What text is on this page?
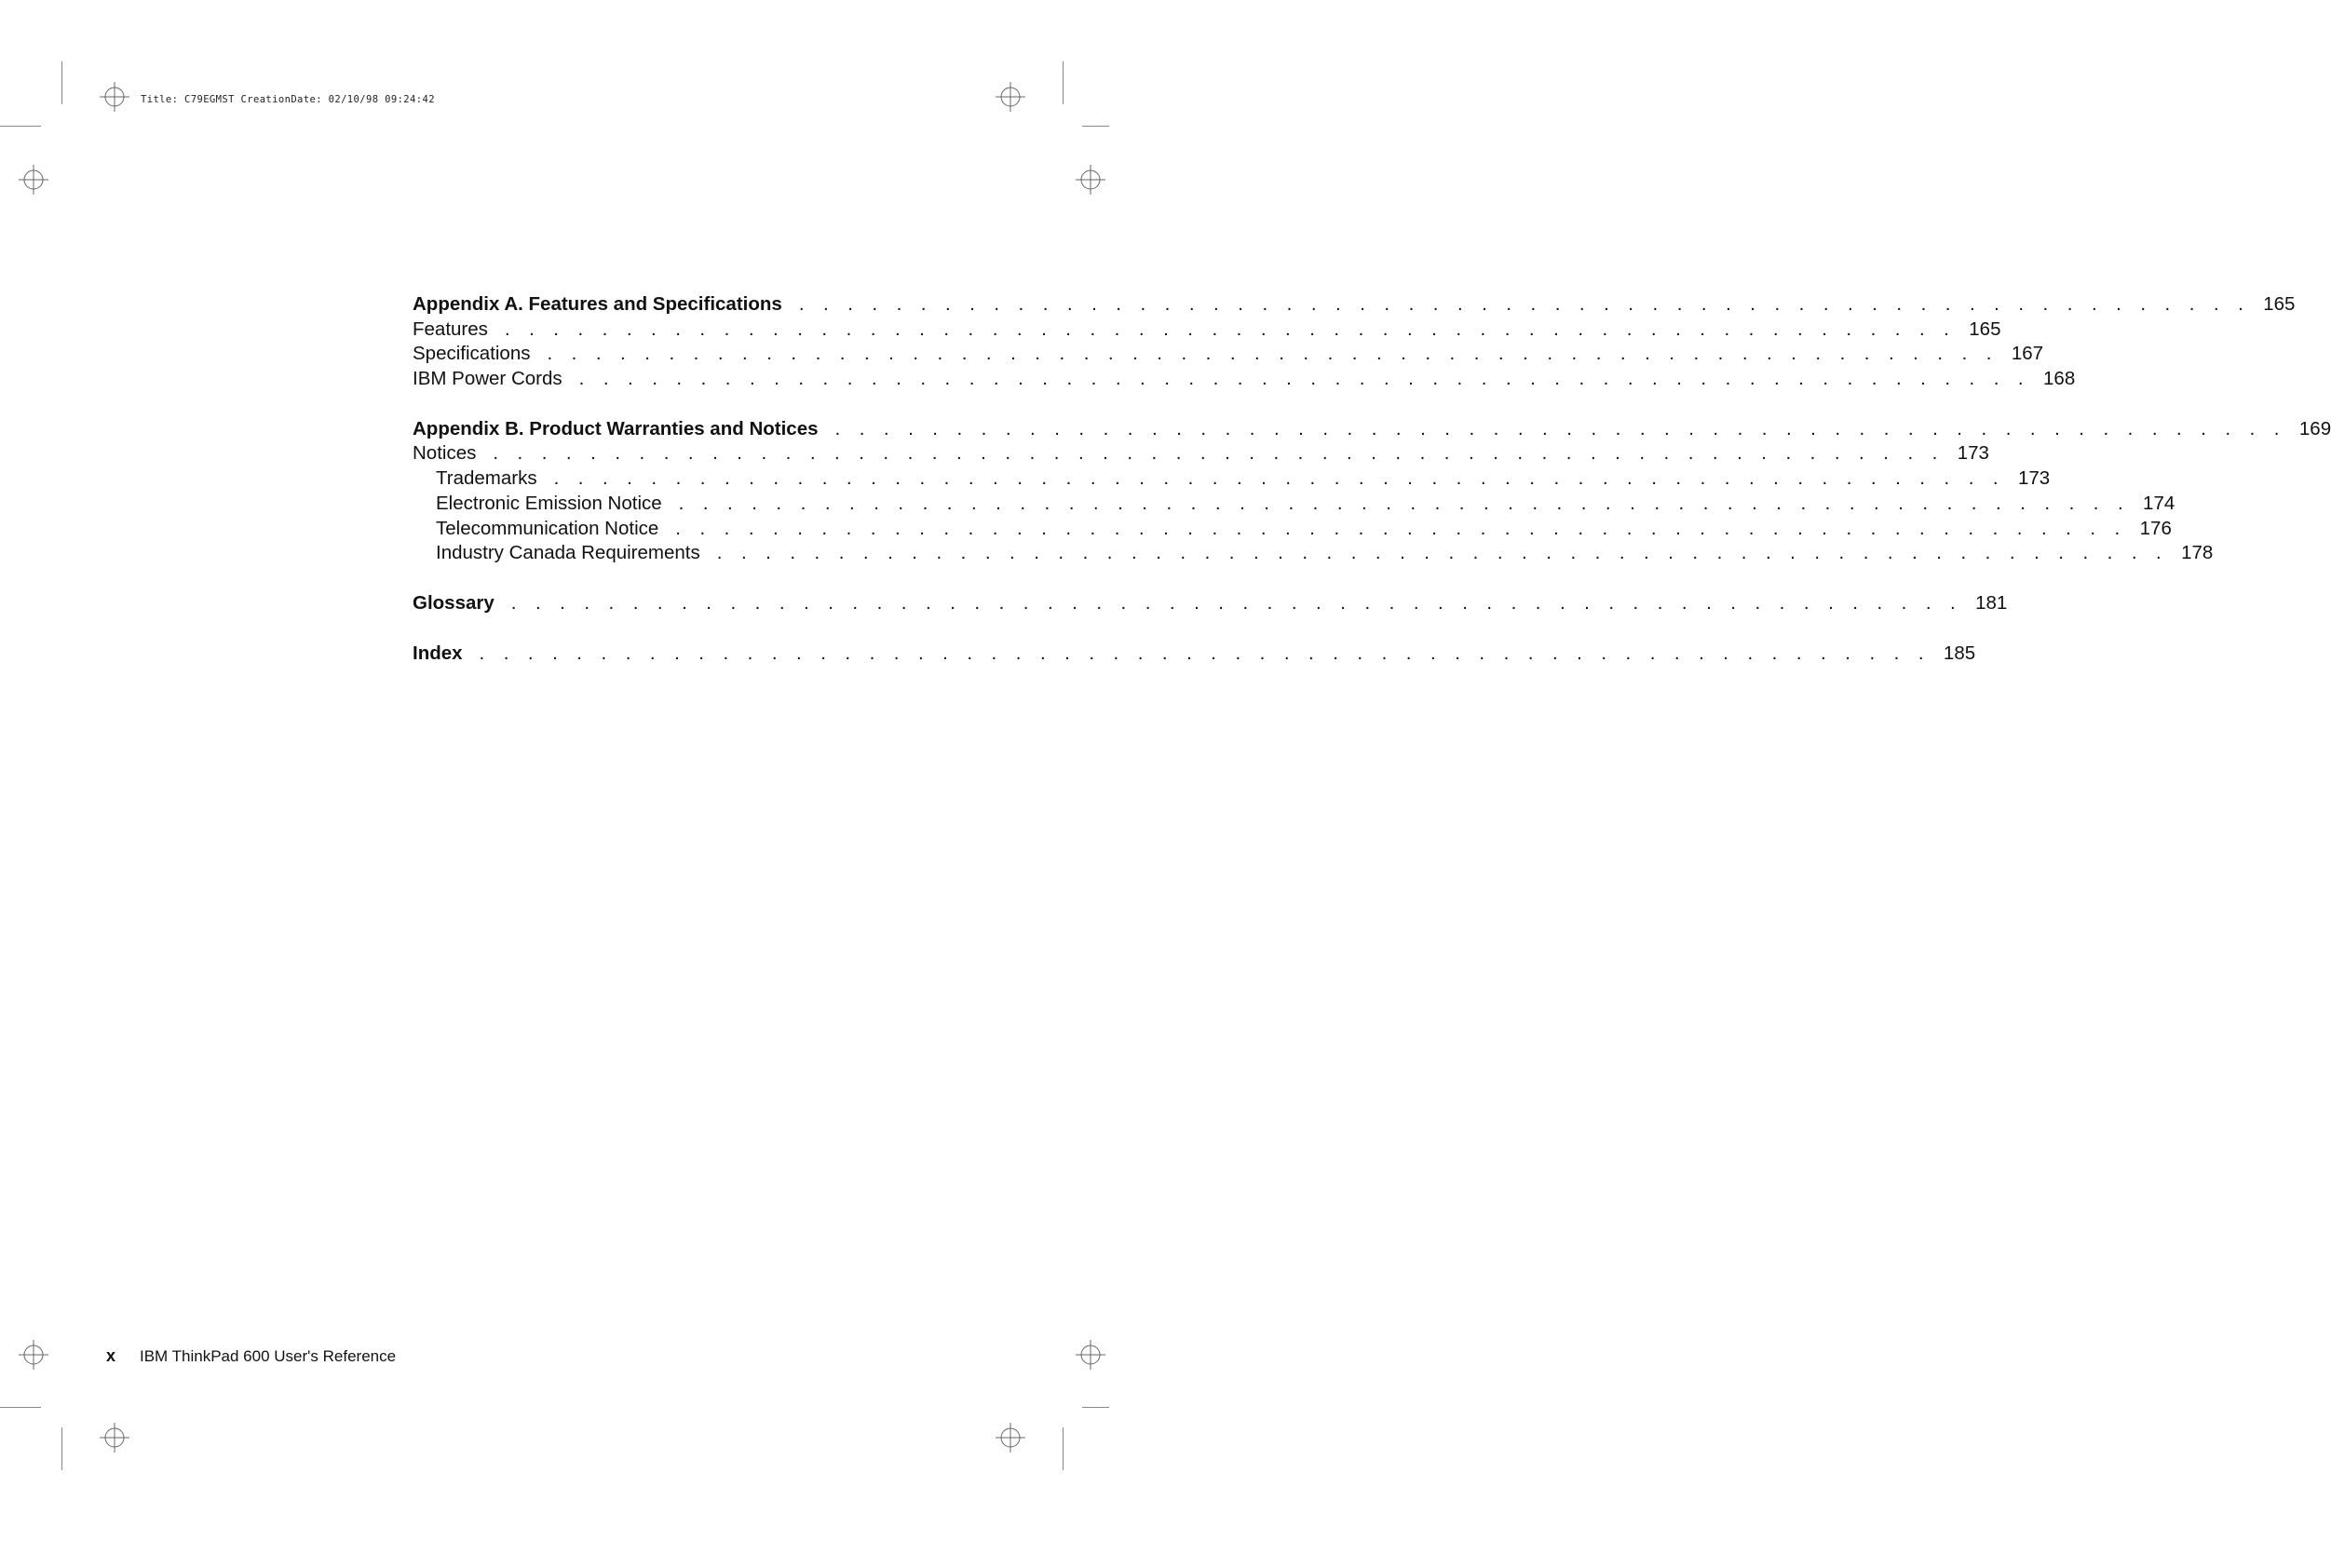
Title: C79EGMST CreationDate: 02/10/98 09:24:42
Appendix A. Features and Specifications . . . . . . . . . . . . . . . . . . . . . . . . . . . . . . . . . . . . . . . . . . . . . . . . . . . . . . . . . . . . 165
Features . . . . . . . . . . . . . . . . . . . . . . . . . . . . . . . . . . . . . . . . . . . . . . . . . . . . . . . . . . . . 165
Specifications . . . . . . . . . . . . . . . . . . . . . . . . . . . . . . . . . . . . . . . . . . . . . . . . . . . . . . . . . . . . 167
IBM Power Cords . . . . . . . . . . . . . . . . . . . . . . . . . . . . . . . . . . . . . . . . . . . . . . . . . . . . . . . . . . . . 168
Appendix B. Product Warranties and Notices . . . . . . . . . . . . . . . . . . . . . . . . . . . . . . . . . . . . . . . . . . . . . . . . . . . . . . . . . . . . 169
Notices . . . . . . . . . . . . . . . . . . . . . . . . . . . . . . . . . . . . . . . . . . . . . . . . . . . . . . . . . . . . 173
Trademarks . . . . . . . . . . . . . . . . . . . . . . . . . . . . . . . . . . . . . . . . . . . . . . . . . . . . . . . . . . . . 173
Electronic Emission Notice . . . . . . . . . . . . . . . . . . . . . . . . . . . . . . . . . . . . . . . . . . . . . . . . . . . . . . . . . . . . 174
Telecommunication Notice . . . . . . . . . . . . . . . . . . . . . . . . . . . . . . . . . . . . . . . . . . . . . . . . . . . . . . . . . . . . 176
Industry Canada Requirements . . . . . . . . . . . . . . . . . . . . . . . . . . . . . . . . . . . . . . . . . . . . . . . . . . . . . . . . . . . . 178
Glossary . . . . . . . . . . . . . . . . . . . . . . . . . . . . . . . . . . . . . . . . . . . . . . . . . . . . . . . . . . . . 181
Index . . . . . . . . . . . . . . . . . . . . . . . . . . . . . . . . . . . . . . . . . . . . . . . . . . . . . . . . . . . . 185
x	IBM ThinkPad 600 User's Reference
